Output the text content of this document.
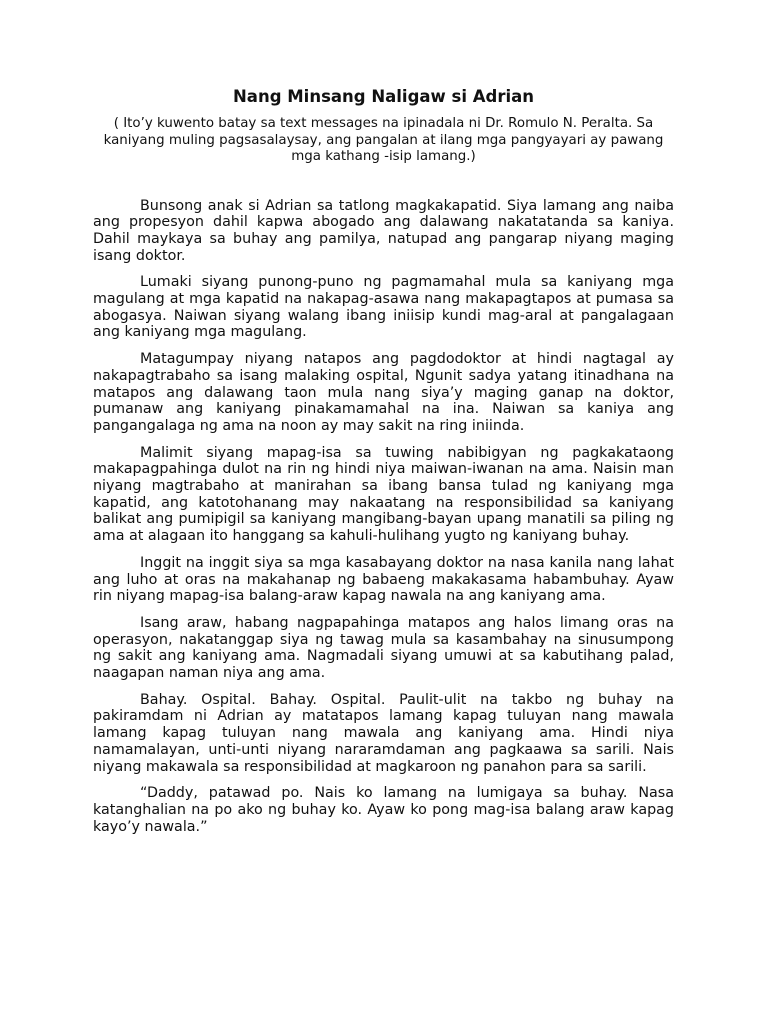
Nang Minsang Naligaw si Adrian

( Ito’y kuwento batay sa text messages na ipinadala ni Dr. Romulo N. Peralta. Sa kaniyang muling pagsasalaysay, ang pangalan at ilang mga pangyayari ay pawang mga kathang -isip lamang.)

Bunsong anak si Adrian sa tatlong magkakapatid. Siya lamang ang naiba ang propesyon dahil kapwa abogado ang dalawang nakatatanda sa kaniya. Dahil maykaya sa buhay ang pamilya, natupad ang pangarap niyang maging isang doktor.

Lumaki siyang punong-puno ng pagmamahal mula sa kaniyang mga magulang at mga kapatid na nakapag-asawa nang makapagtapos at pumasa sa abogasya. Naiwan siyang walang ibang iniisip kundi mag-aral at pangalagaan ang kaniyang mga magulang.

Matagumpay niyang natapos ang pagdodoktor at hindi nagtagal ay nakapagtrabaho sa isang malaking ospital, Ngunit sadya yatang itinadhana na matapos ang dalawang taon mula nang siya’y maging ganap na doktor, pumanaw ang kaniyang pinakamamahal na ina. Naiwan sa kaniya ang pangangalaga ng ama na noon ay may sakit na ring iniinda.

Malimit siyang mapag-isa sa tuwing nabibigyan ng pagkakataong makapagpahinga dulot na rin ng hindi niya maiwan-iwanan na ama. Naisin man niyang magtrabaho at manirahan sa ibang bansa tulad ng kaniyang mga kapatid, ang katotohanang may nakaatang na responsibilidad sa kaniyang balikat ang pumipigil sa kaniyang mangibang-bayan upang manatili sa piling ng ama at alagaan ito hanggang sa kahuli-hulihang yugto ng kaniyang buhay.

Inggit na inggit siya sa mga kasabayang doktor na nasa kanila nang lahat ang luho at oras na makahanap ng babaeng makakasama habambuhay. Ayaw rin niyang mapag-isa balang-araw kapag nawala na ang kaniyang ama.

Isang araw, habang nagpapahinga matapos ang halos limang oras na operasyon, nakatanggap siya ng tawag mula sa kasambahay na sinusumpong ng sakit ang kaniyang ama. Nagmadali siyang umuwi at sa kabutihang palad, naagapan naman niya ang ama.

Bahay. Ospital. Bahay. Ospital. Paulit-ulit na takbo ng buhay na pakiramdam ni Adrian ay matatapos lamang kapag tuluyan nang mawala lamang kapag tuluyan nang mawala ang kaniyang ama. Hindi niya namamalayan, unti-unti niyang nararamdaman ang pagkaawa sa sarili. Nais niyang makawala sa responsibilidad at magkaroon ng panahon para sa sarili.

“Daddy, patawad po. Nais ko lamang na lumigaya sa buhay. Nasa katanghalian na po ako ng buhay ko. Ayaw ko pong mag-isa balang araw kapag kayo’y nawala.”
